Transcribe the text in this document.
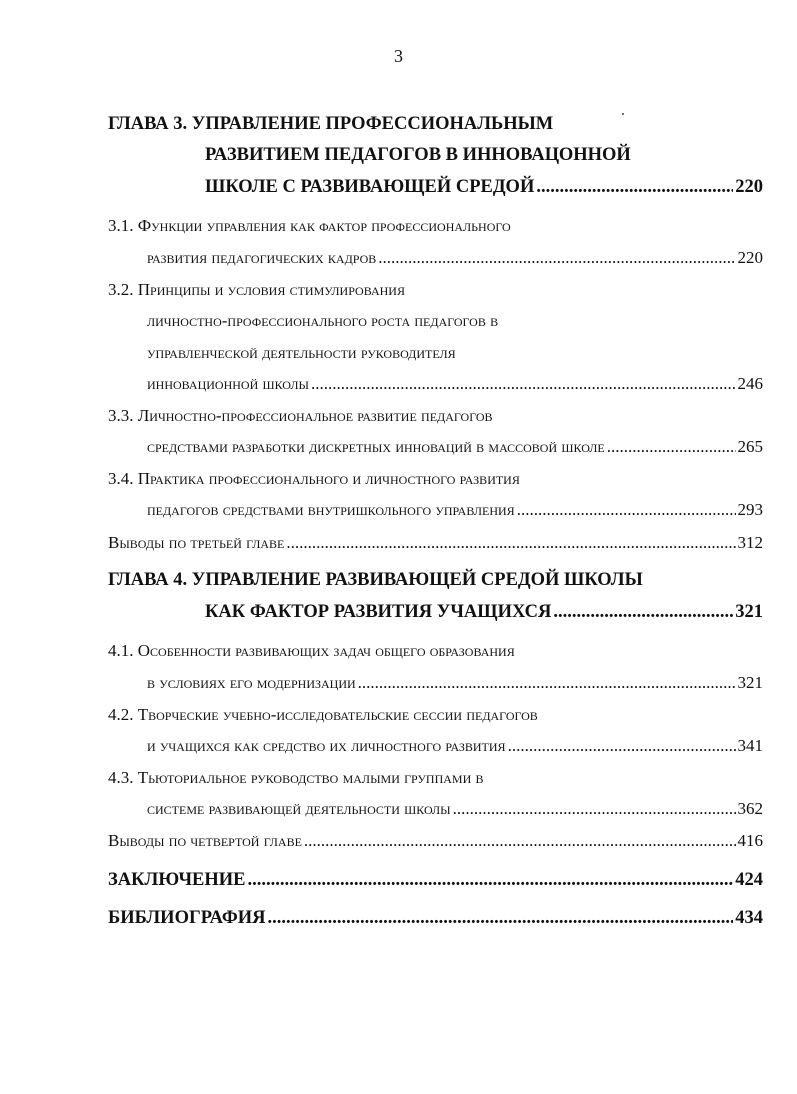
3
ГЛАВА 3. УПРАВЛЕНИЕ ПРОФЕССИОНАЛЬНЫМ
РАЗВИТИЕМ ПЕДАГОГОВ В ИННОВАЦОННОЙ
ШКОЛЕ С РАЗВИВАЮЩЕЙ СРЕДОЙ .....	220
3.1. Функции управления как фактор профессионального
развития педагогических кадров .....	220
3.2. Принципы и условия стимулирования
личностно-профессионального роста педагогов в
управленческой деятельности руководителя
инновационной школы .....	246
3.3. Личностно-профессиональное развитие педагогов
средствами разработки дискретных инноваций в массовой школе .....	265
3.4. Практика профессионального и личностного развития
педагогов средствами внутришкольного управления .....	293
Выводы по третьей главе .....	312
ГЛАВА 4. УПРАВЛЕНИЕ РАЗВИВАЮЩЕЙ СРЕДОЙ ШКОЛЫ
КАК ФАКТОР РАЗВИТИЯ УЧАЩИХСЯ .....	321
4.1. Особенности развивающих задач общего образования
в условиях его модернизации .....	321
4.2. Творческие учебно-исследовательские сессии педагогов
и учащихся как средство их личностного развития .....	341
4.3. Тьюториальное руководство малыми группами в
системе развивающей деятельности школы .....	362
Выводы по четвертой главе .....	416
ЗАКЛЮЧЕНИЕ .....	424
БИБЛИОГРАФИЯ .....	434
